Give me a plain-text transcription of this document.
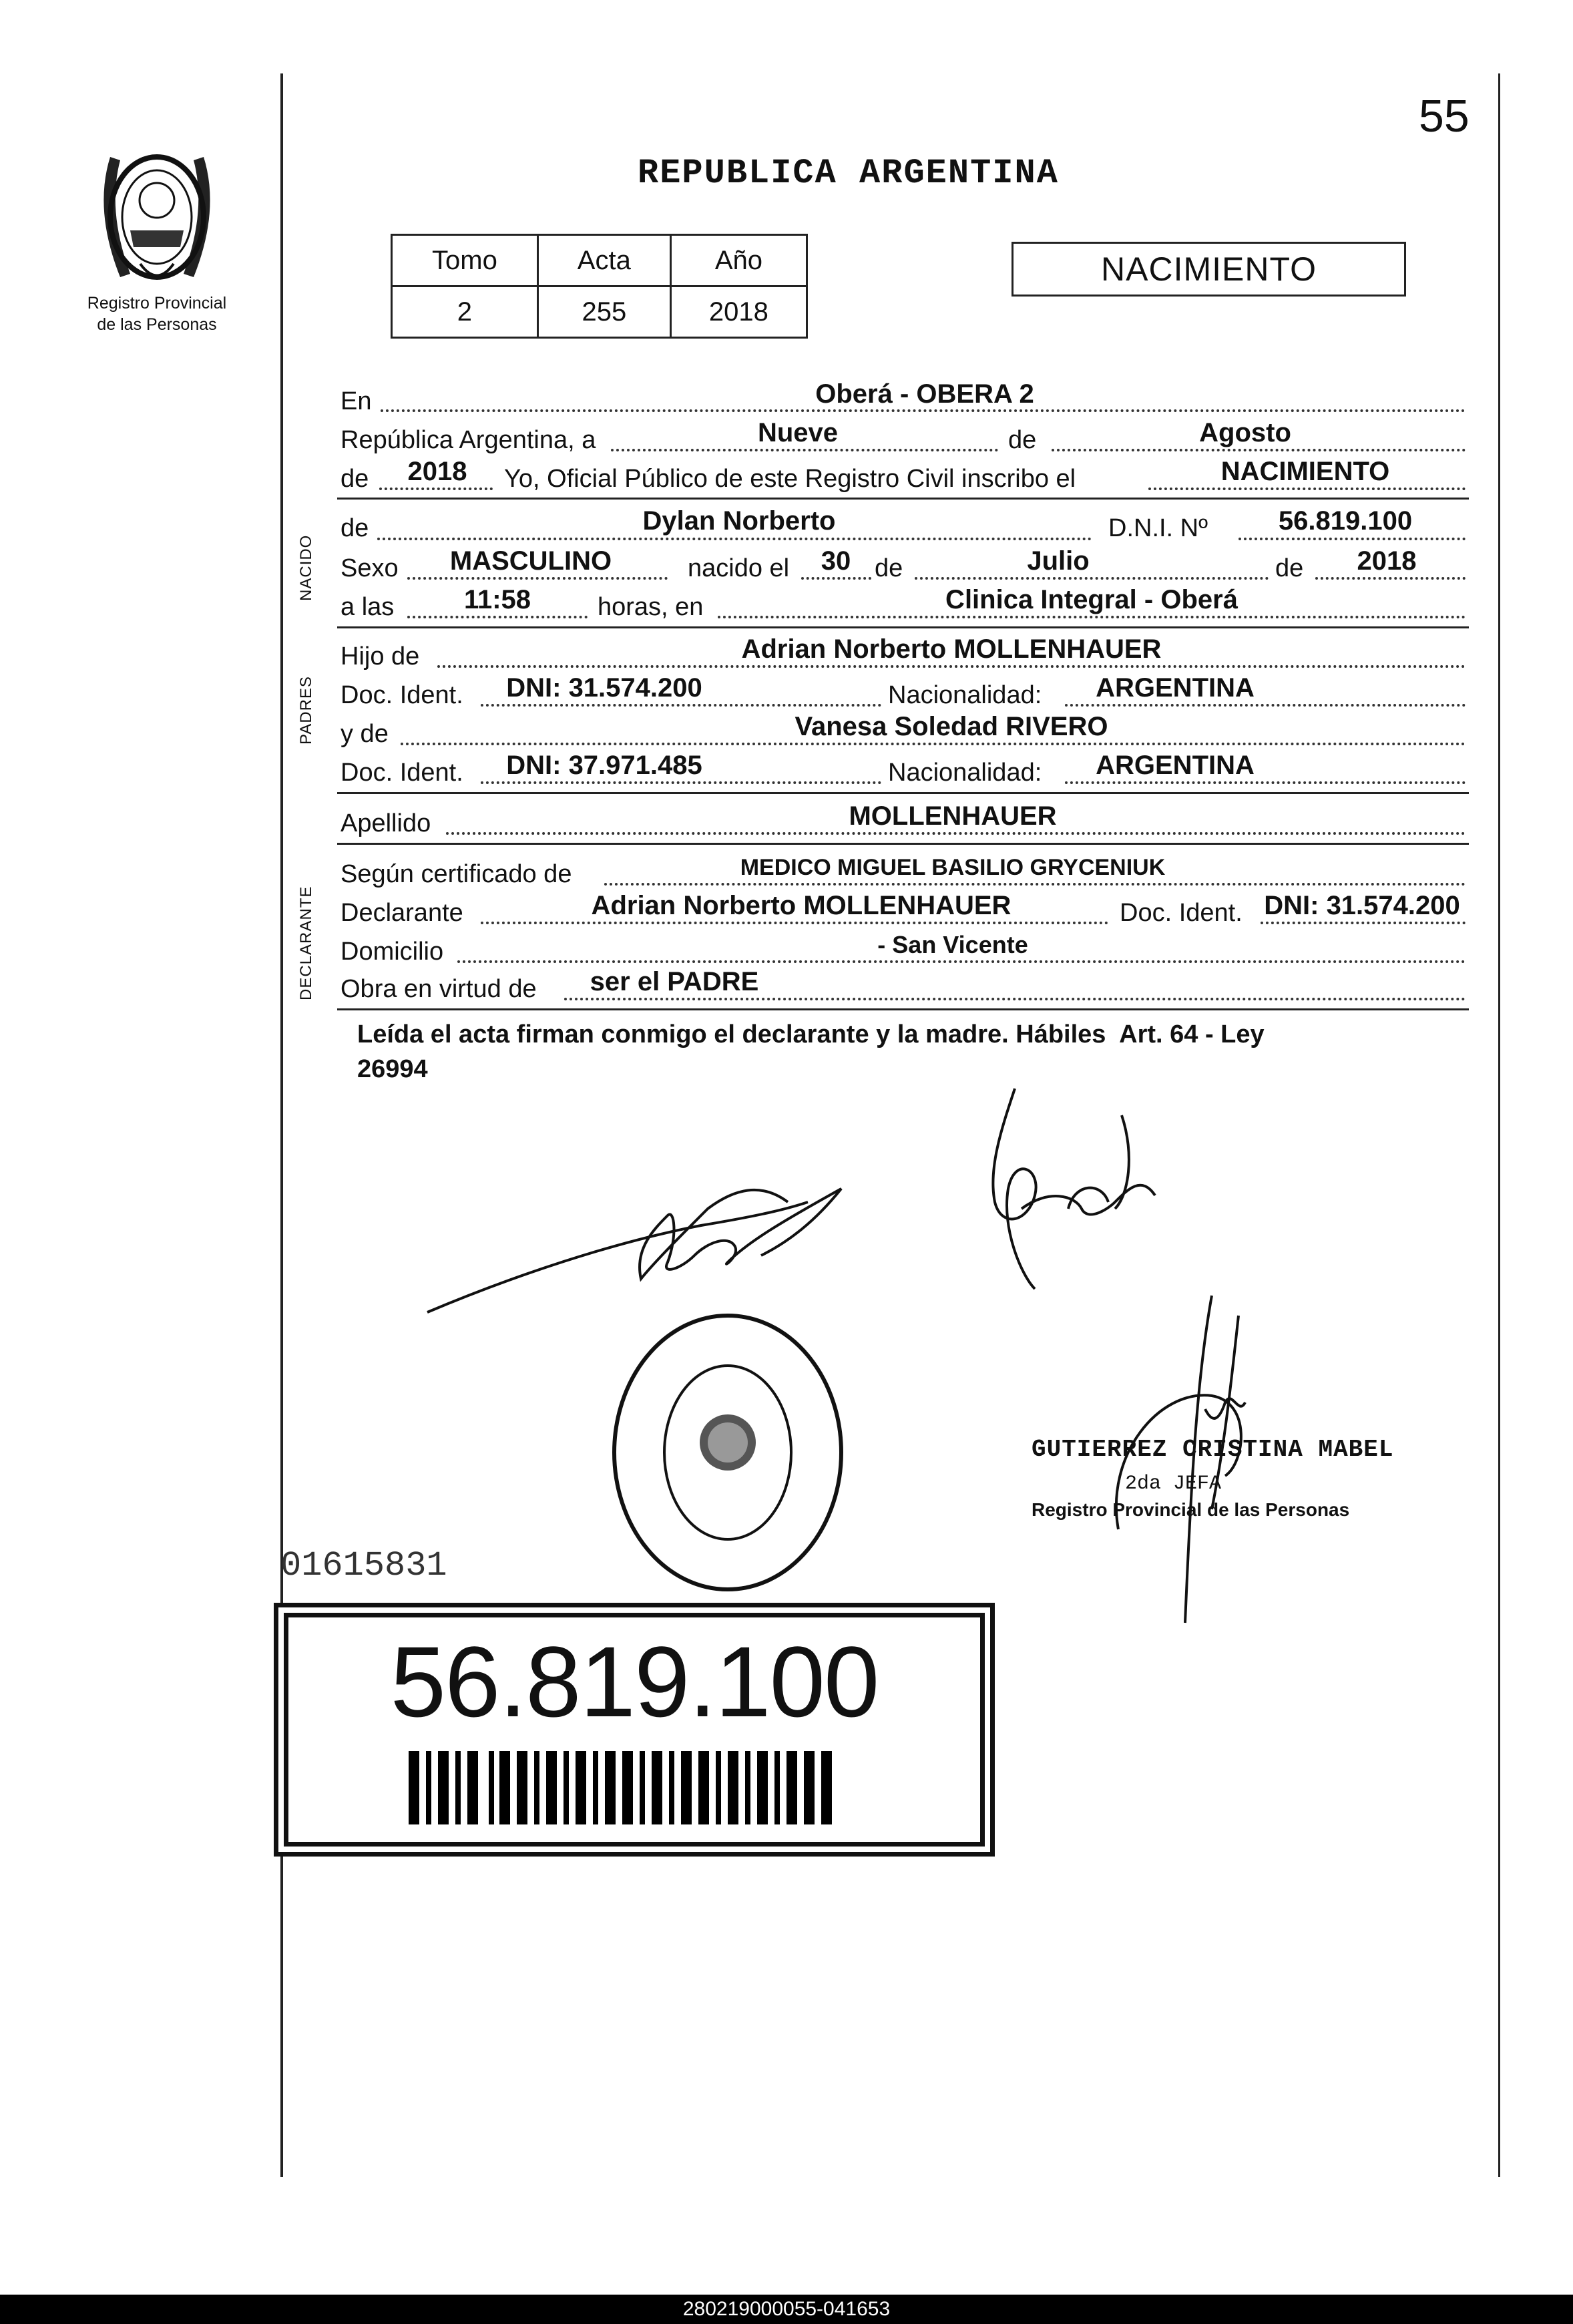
55
Registro Provincial
de las Personas
REPUBLICA ARGENTINA
Tomo	Acta	Año
2	255	2018
NACIMIENTO
En	Oberá - OBERA 2
República Argentina, a	Nueve	de	Agosto
de 2018 Yo, Oficial Público de este Registro Civil inscribo el	NACIMIENTO
NACIDO
de	Dylan Norberto	D.N.I. Nº	56.819.100
Sexo MASCULINO	nacido el 30 de	Julio	de 2018
a las	11:58	horas, en	Clinica Integral - Oberá
PADRES
Hijo de	Adrian Norberto MOLLENHAUER
Doc. Ident. DNI: 31.574.200	Nacionalidad: ARGENTINA
y de	Vanesa Soledad RIVERO
Doc. Ident. DNI: 37.971.485	Nacionalidad: ARGENTINA
Apellido	MOLLENHAUER
DECLARANTE
Según certificado de	MEDICO MIGUEL BASILIO GRYCENIUK
Declarante	Adrian Norberto MOLLENHAUER	Doc. Ident. DNI: 31.574.200
Domicilio	- San Vicente
Obra en virtud de ser el PADRE
Leída el acta firman conmigo el declarante y la madre. Hábiles  Art. 64 - Ley
26994
GUTIERREZ CRISTINA MABEL
2da JEFA
Registro Provincial de las Personas
01615831
56.819.100
280219000055-041653
